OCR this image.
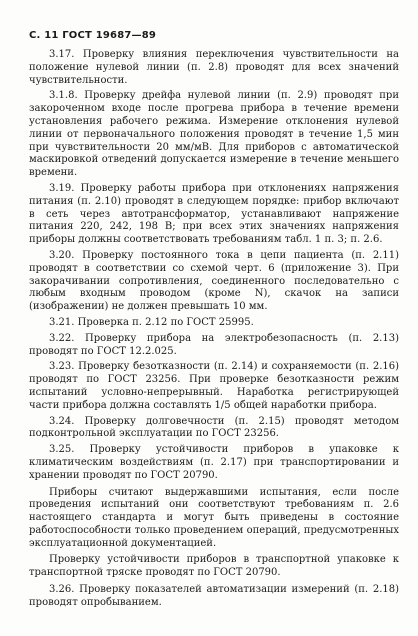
С. 11 ГОСТ 19687—89

3.17. Проверку влияния переключения чувствительности на положение нулевой линии (п. 2.8) проводят для всех значений чувствительности.

3.1.8. Проверку дрейфа нулевой линии (п. 2.9) проводят при закороченном входе после прогрева прибора в течение времени установления рабочего режима. Измерение отклонения нулевой линии от первоначального положения проводят в течение 1,5 мин при чувствительности 20 мм/мВ. Для приборов с автоматической маскировкой отведений допускается измерение в течение меньшего времени.

3.19. Проверку работы прибора при отклонениях напряжения питания (п. 2.10) проводят в следующем порядке: прибор включают в сеть через автотрансформатор, устанавливают напряжение питания 220, 242, 198 В; при всех этих значениях напряжения приборы должны соответствовать требованиям табл. 1 п. 3; п. 2.6.

3.20. Проверку постоянного тока в цепи пациента (п. 2.11) проводят в соответствии со схемой черт. 6 (приложение 3). При закорачивании сопротивления, соединенного последовательно с любым входным проводом (кроме N), скачок на записи (изображении) не должен превышать 10 мм.

3.21. Проверка п. 2.12 по ГОСТ 25995.

3.22. Проверку прибора на электробезопасность (п. 2.13) проводят по ГОСТ 12.2.025.

3.23. Проверку безотказности (п. 2.14) и сохраняемости (п. 2.16) проводят по ГОСТ 23256. При проверке безотказности режим испытаний условно-непрерывный. Наработка регистрирующей части прибора должна составлять 1/5 общей наработки прибора.

3.24. Проверку долговечности (п. 2.15) проводят методом подконтрольной эксплуатации по ГОСТ 23256.

3.25. Проверку устойчивости приборов в упаковке к климатическим воздействиям (п. 2.17) при транспортировании и хранении проводят по ГОСТ 20790.

Приборы считают выдержавшими испытания, если после проведения испытаний они соответствуют требованиям п. 2.6 настоящего стандарта и могут быть приведены в состояние работоспособности только проведением операций, предусмотренных эксплуатационной документацией.

Проверку устойчивости приборов в транспортной упаковке к транспортной тряске проводят по ГОСТ 20790.

3.26. Проверку показателей автоматизации измерений (п. 2.18) проводят опробыванием.
